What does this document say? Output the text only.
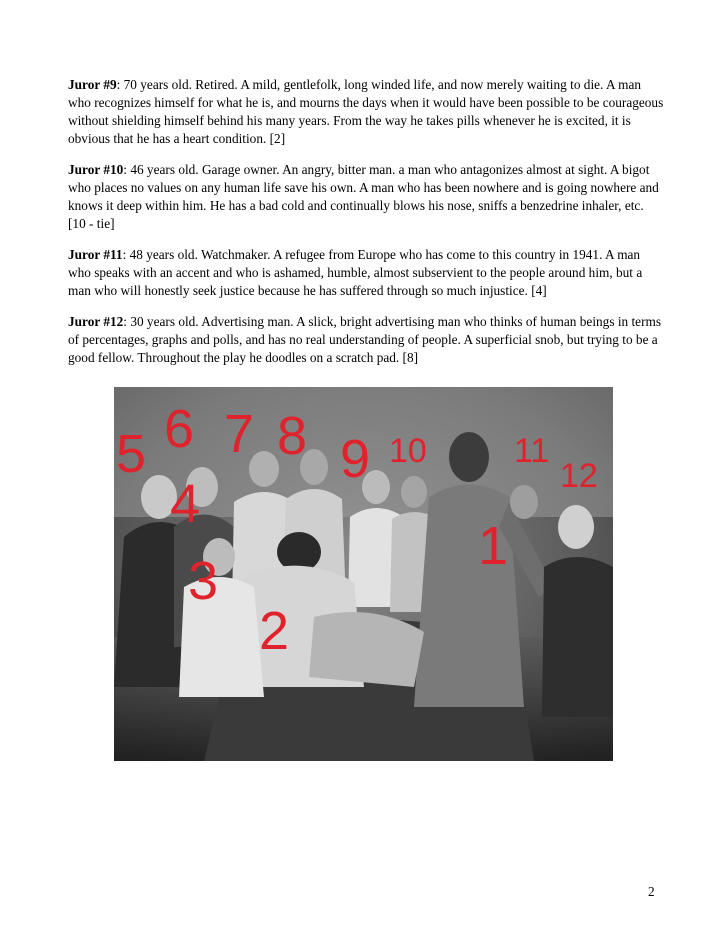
Juror #9: 70 years old. Retired. A mild, gentlefolk, long winded life, and now merely waiting to die. A man who recognizes himself for what he is, and mourns the days when it would have been possible to be courageous without shielding himself behind his many years. From the way he takes pills whenever he is excited, it is obvious that he has a heart condition. [2]

Juror #10: 46 years old. Garage owner. An angry, bitter man. a man who antagonizes almost at sight. A bigot who places no values on any human life save his own. A man who has been nowhere and is going nowhere and knows it deep within him. He has a bad cold and continually blows his nose, sniffs a benzedrine inhaler, etc. [10 - tie]

Juror #11: 48 years old. Watchmaker. A refugee from Europe who has come to this country in 1941. A man who speaks with an accent and who is ashamed, humble, almost subservient to the people around him, but a man who will honestly seek justice because he has suffered through so much injustice. [4]

Juror #12: 30 years old. Advertising man. A slick, bright advertising man who thinks of human beings in terms of percentages, graphs and polls, and has no real understanding of people. A superficial snob, but trying to be a good fellow. Throughout the play he doodles on a scratch pad. [8]

5 6 7 8 9 10	11
12
4
3
2
1
2
